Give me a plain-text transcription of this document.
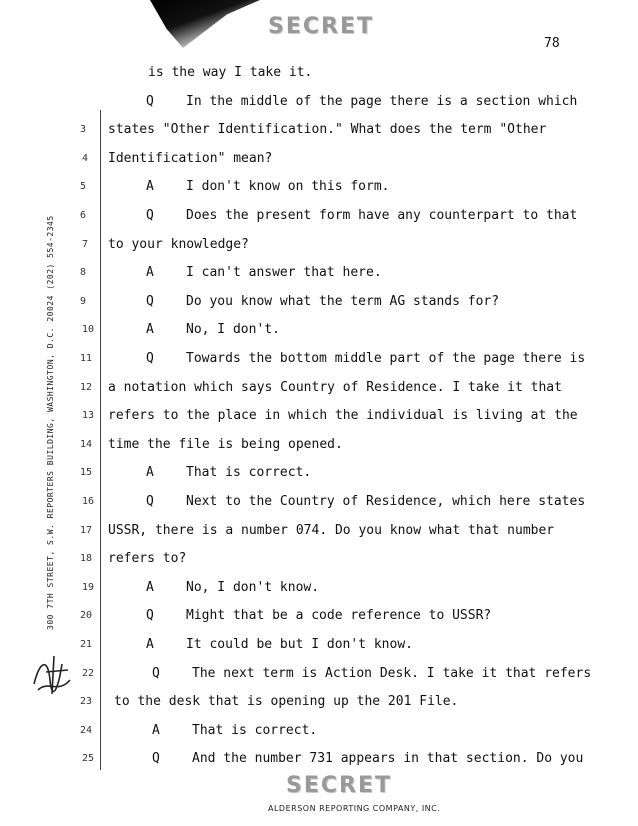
SECRET
78
300 7TH STREET, S.W. REPORTERS BUILDING, WASHINGTON, D.C. 20024 (202) 554-2345
3
4
5
6
7
8
9
10
11
12
13
14
15
16
17
18
19
20
21
22
23
24
25
is the way I take it.
Q In the middle of the page there is a section which
states "Other Identification." What does the term "Other
Identification" mean?
A I don't know on this form.
Q Does the present form have any counterpart to that
to your knowledge?
A I can't answer that here.
Q Do you know what the term AG stands for?
A No, I don't.
Q Towards the bottom middle part of the page there is
a notation which says Country of Residence. I take it that
refers to the place in which the individual is living at the
time the file is being opened.
A That is correct.
Q Next to the Country of Residence, which here states
USSR, there is a number 074. Do you know what that number
refers to?
A No, I don't know.
Q Might that be a code reference to USSR?
A It could be but I don't know.
Q The next term is Action Desk. I take it that refers
to the desk that is opening up the 201 File.
A That is correct.
Q And the number 731 appears in that section. Do you
SECRET
ALDERSON REPORTING COMPANY, INC.
